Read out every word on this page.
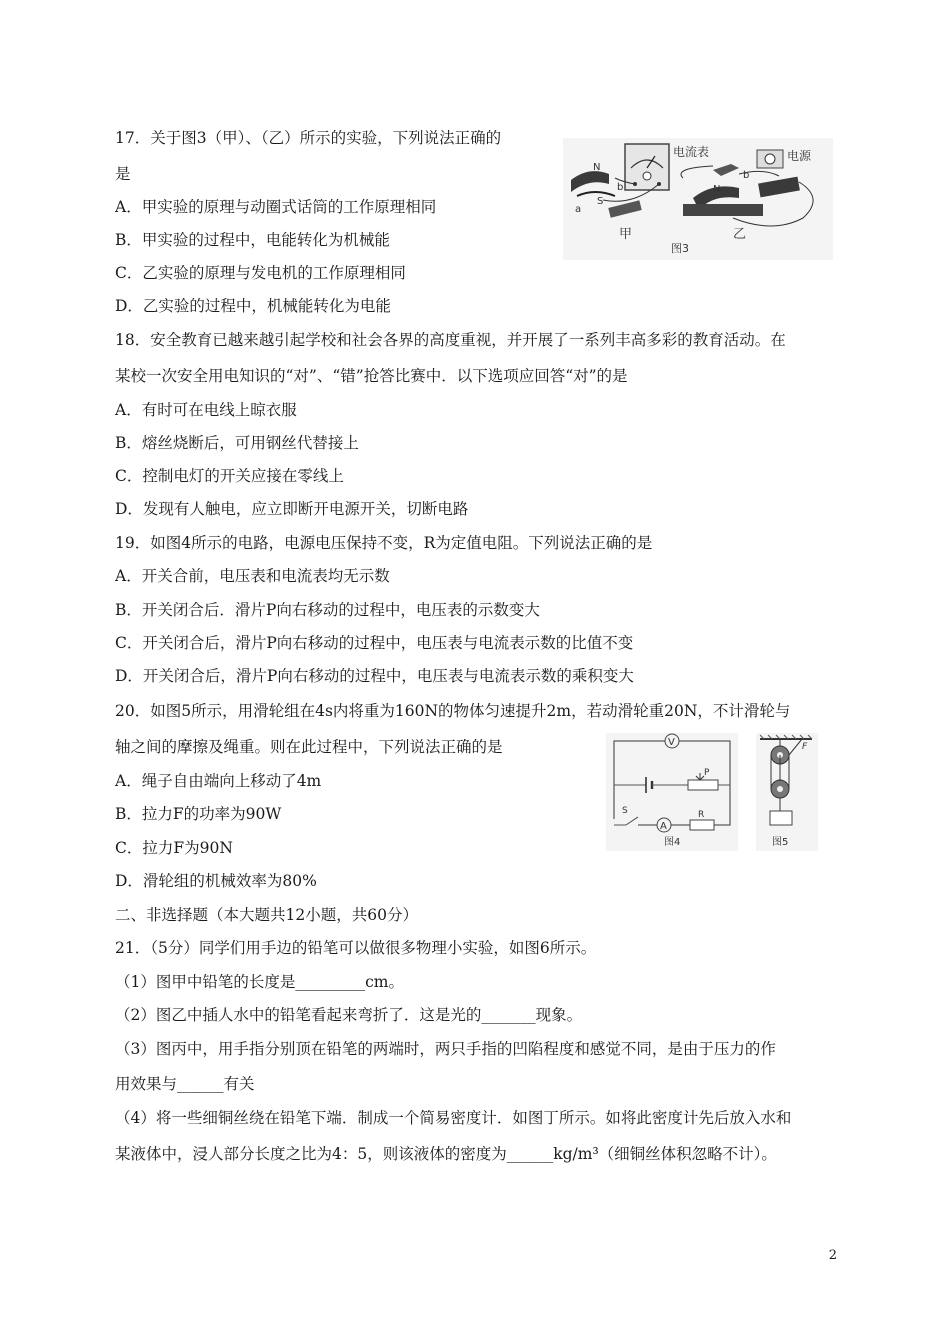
17．关于图3（甲）、（乙）所示的实验，下列说法正确的
是
A．甲实验的原理与动圈式话筒的工作原理相同
B．甲实验的过程中，电能转化为机械能
C．乙实验的原理与发电机的工作原理相同
D．乙实验的过程中，机械能转化为电能
N
S
a
b
甲
电流表	电源
N
b
乙
图3
18．安全教育已越来越引起学校和社会各界的高度重视，并开展了一系列丰高多彩的教育活动。在
某校一次安全用电知识的“对”、“错”抢答比赛中．以下选项应回答“对”的是
A．有时可在电线上晾衣服
B．熔丝烧断后，可用钢丝代替接上
C．控制电灯的开关应接在零线上
D．发现有人触电，应立即断开电源开关，切断电路
19．如图4所示的电路，电源电压保持不变，R为定值电阻。下列说法正确的是
A．开关合前，电压表和电流表均无示数
B．开关闭合后．滑片P向右移动的过程中，电压表的示数变大
C．开关闭合后，滑片P向右移动的过程中，电压表与电流表示数的比值不变
D．开关闭合后，滑片P向右移动的过程中，电压表与电流表示数的乘积变大
20．如图5所示，用滑轮组在4s内将重为160N的物体匀速提升2m，若动滑轮重20N，不计滑轮与
轴之间的摩擦及绳重。则在此过程中，下列说法正确的是
A．绳子自由端向上移动了4m
B．拉力F的功率为90W
C．拉力F为90N
D．滑轮组的机械效率为80%
V
P
S
A
R
图4
F
图5
二、非选择题（本大题共12小题，共60分）
21．（5分）同学们用手边的铅笔可以做很多物理小实验，如图6所示。
（1）图甲中铅笔的长度是_________cm。
（2）图乙中插人水中的铅笔看起来弯折了．这是光的_______现象。
（3）图丙中，用手指分别顶在铅笔的两端时，两只手指的凹陷程度和感觉不同，是由于压力的作
用效果与______有关
（4）将一些细铜丝绕在铅笔下端．制成一个简易密度计．如图丁所示。如将此密度计先后放入水和
某液体中，浸人部分长度之比为4：5，则该液体的密度为______kg/m³（细铜丝体积忽略不计）。
2
